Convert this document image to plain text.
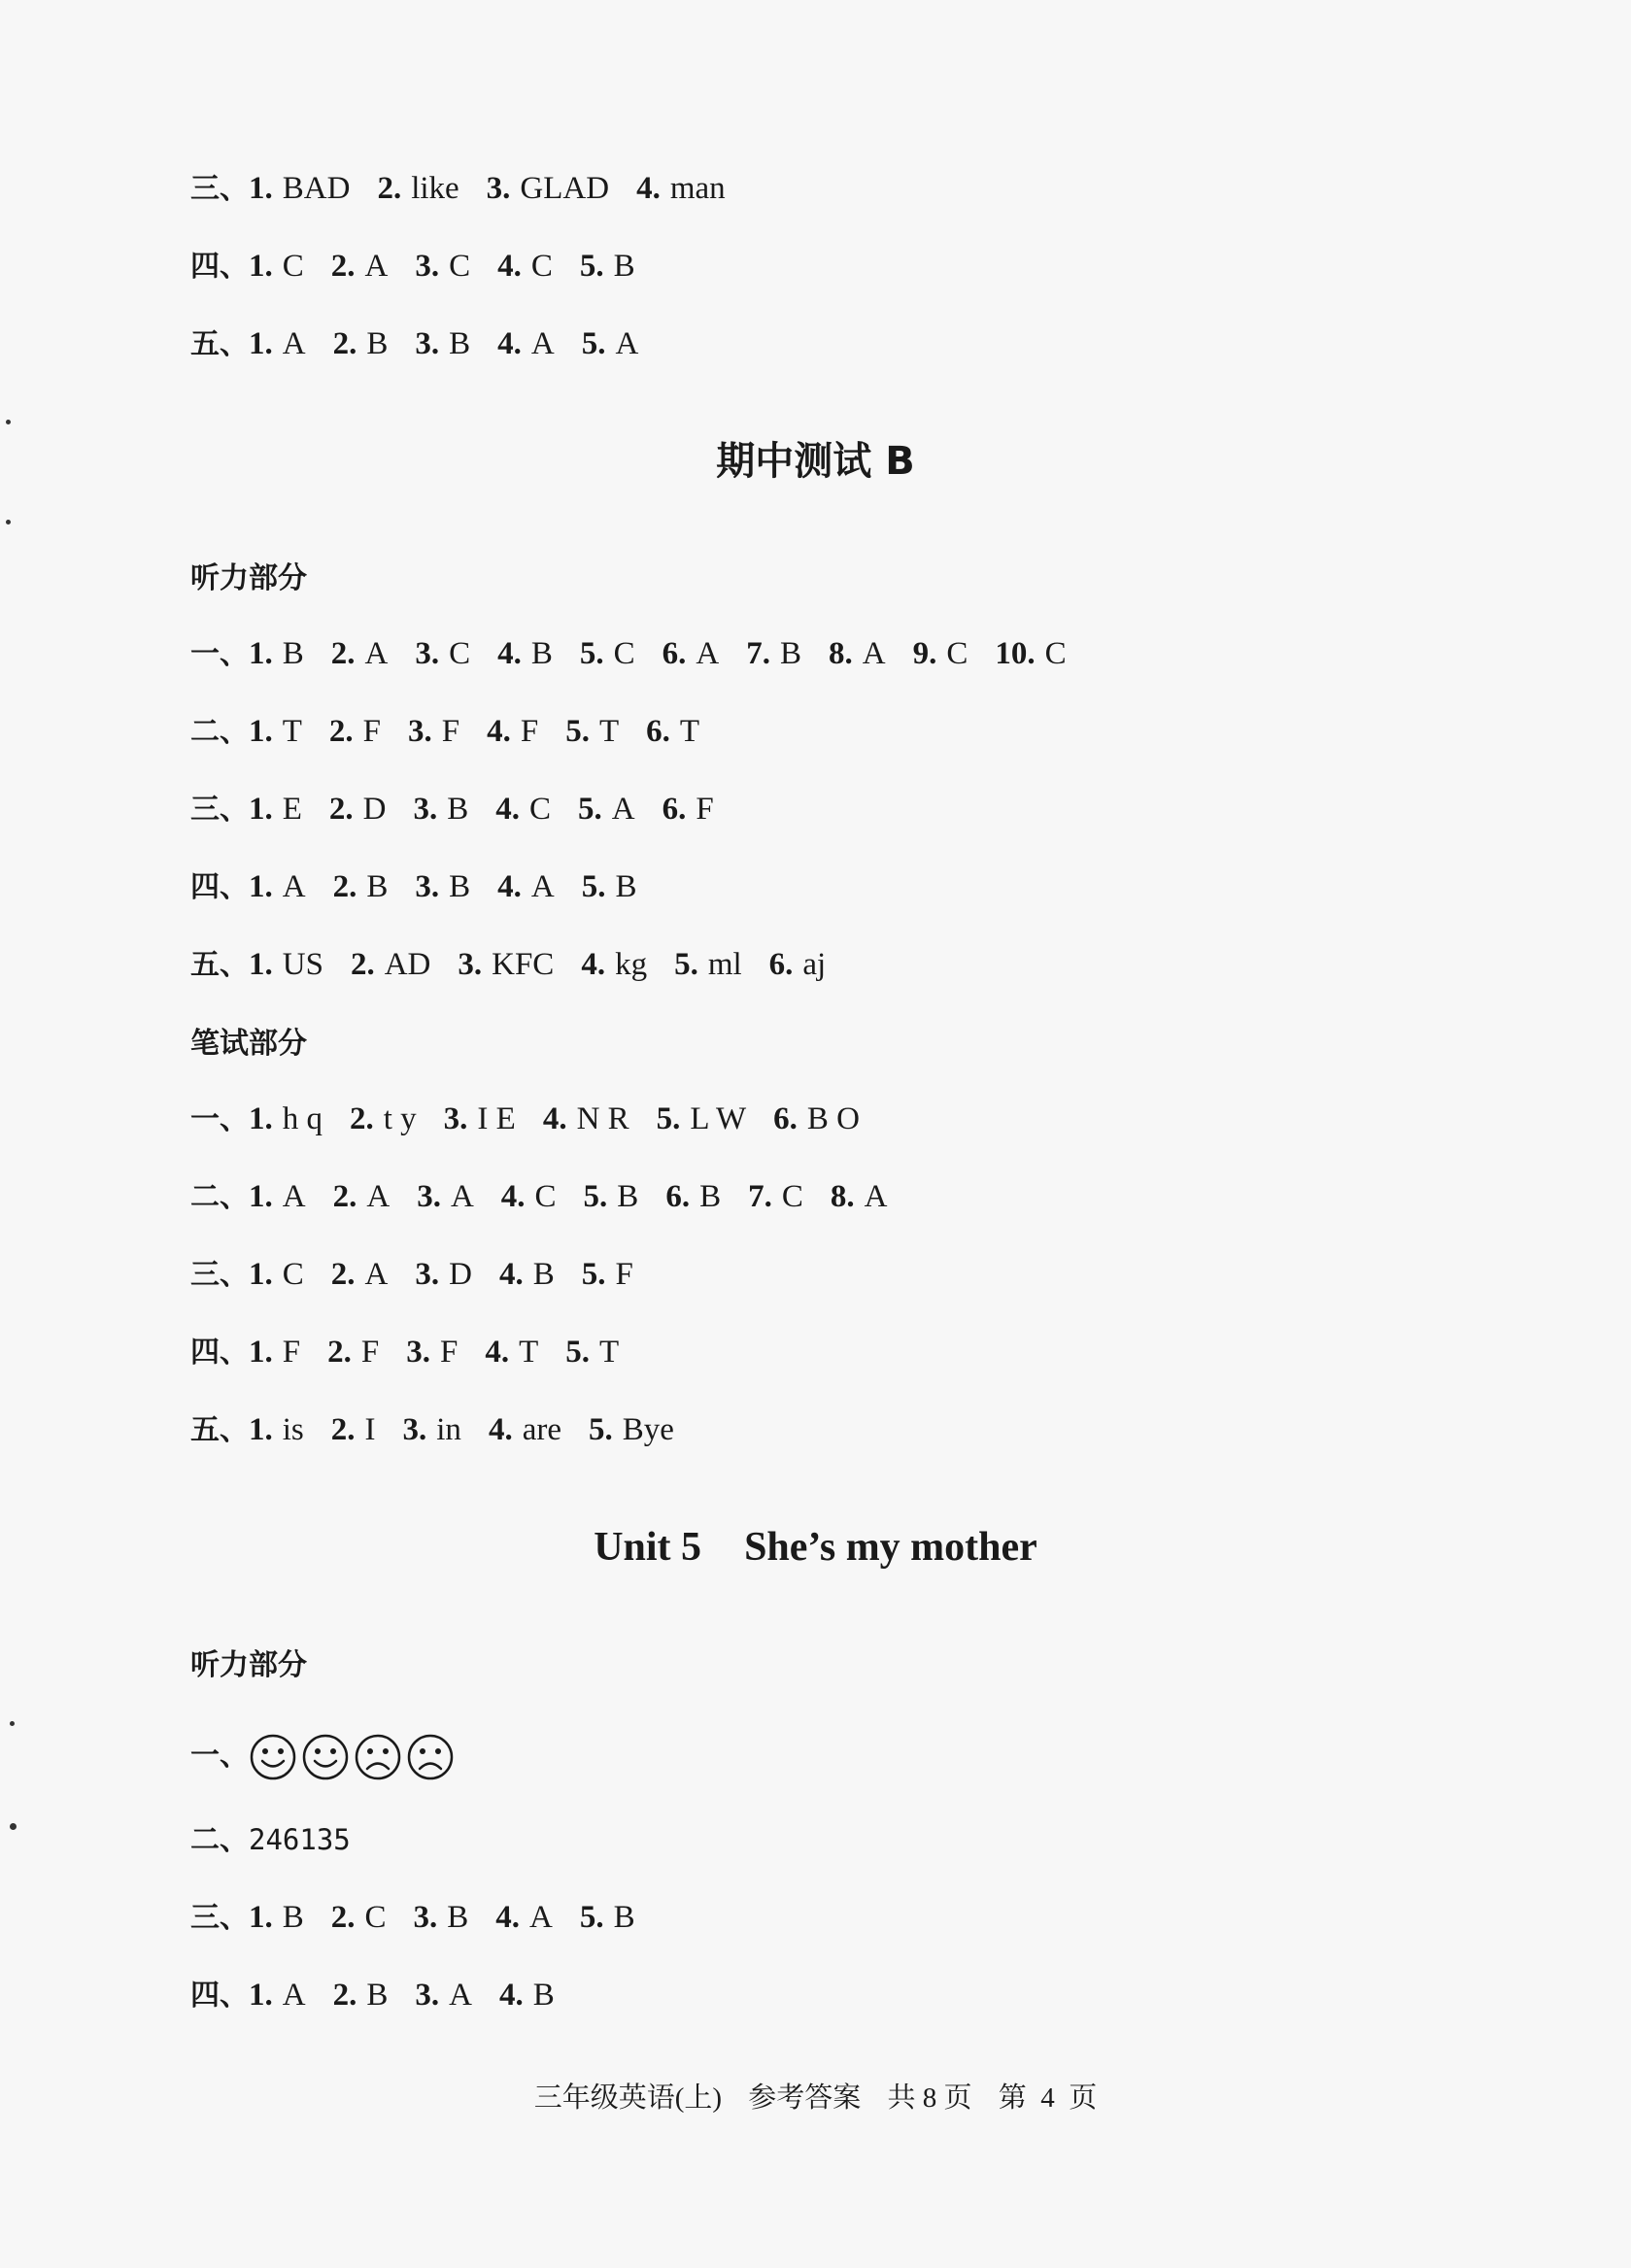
三、1. BAD 2. like 3. GLAD 4. man
四、1. C 2. A 3. C 4. C 5. B
五、1. A 2. B 3. B 4. A 5. A
期中测试 B
听力部分
一、1. B 2. A 3. C 4. B 5. C 6. A 7. B 8. A 9. C 10. C
二、1. T 2. F 3. F 4. F 5. T 6. T
三、1. E 2. D 3. B 4. C 5. A 6. F
四、1. A 2. B 3. B 4. A 5. B
五、1. US 2. AD 3. KFC 4. kg 5. ml 6. aj
笔试部分
一、1. h q 2. t y 3. I E 4. N R 5. L W 6. B O
二、1. A 2. A 3. A 4. C 5. B 6. B 7. C 8. A
三、1. C 2. A 3. D 4. B 5. F
四、1. F 2. F 3. F 4. T 5. T
五、1. is 2. I 3. in 4. are 5. Bye
Unit 5 She’s my mother
听力部分
一、
二、246135
三、1. B 2. C 3. B 4. A 5. B
四、1. A 2. B 3. A 4. B
三年级英语(上) 参考答案 共 8 页 第  4  页
